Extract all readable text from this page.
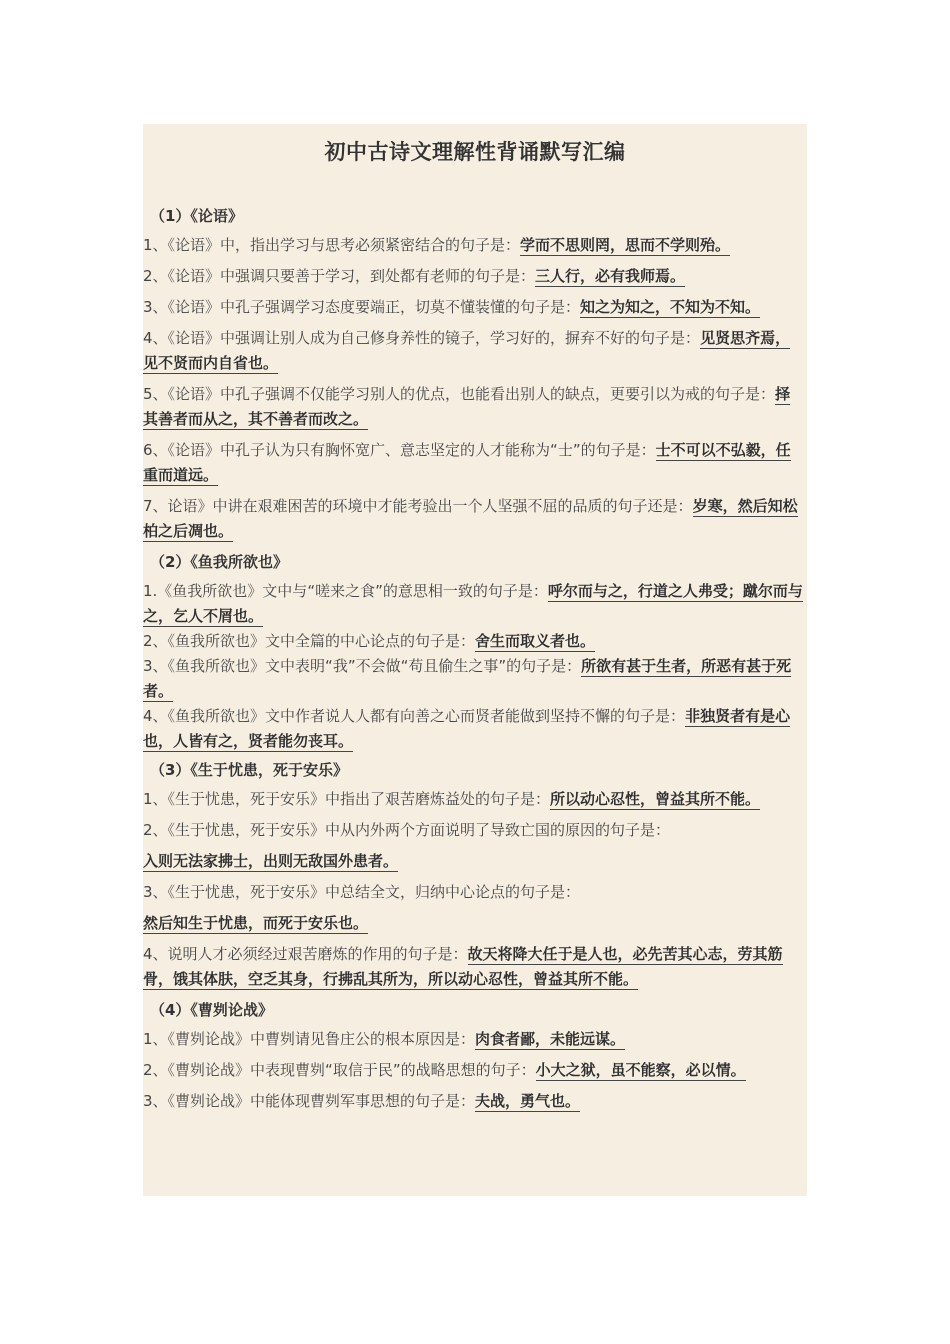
初中古诗文理解性背诵默写汇编
（1）《论语》
1、《论语》中，指出学习与思考必须紧密结合的句子是：学而不思则罔，思而不学则殆。
2、《论语》中强调只要善于学习，到处都有老师的句子是：三人行，必有我师焉。
3、《论语》中孔子强调学习态度要端正，切莫不懂装懂的句子是：知之为知之，不知为不知。
4、《论语》中强调让别人成为自己修身养性的镜子，学习好的，摒弃不好的句子是：见贤思齐焉，见不贤而内自省也。
5、《论语》中孔子强调不仅能学习别人的优点，也能看出别人的缺点，更要引以为戒的句子是：择其善者而从之，其不善者而改之。
6、《论语》中孔子认为只有胸怀宽广、意志坚定的人才能称为“士”的句子是：士不可以不弘毅，任重而道远。
7、论语》中讲在艰难困苦的环境中才能考验出一个人坚强不屈的品质的句子还是：岁寒，然后知松柏之后凋也。
（2）《鱼我所欲也》
1.《鱼我所欲也》文中与“嗟来之食”的意思相一致的句子是：呼尔而与之，行道之人弗受；蹴尔而与之，乞人不屑也。
2、《鱼我所欲也》文中全篇的中心论点的句子是：舍生而取义者也。
3、《鱼我所欲也》文中表明“我”不会做“苟且偷生之事”的句子是：所欲有甚于生者，所恶有甚于死者。
4、《鱼我所欲也》文中作者说人人都有向善之心而贤者能做到坚持不懈的句子是：非独贤者有是心也，人皆有之，贤者能勿丧耳。
（3）《生于忧患，死于安乐》
1、《生于忧患，死于安乐》中指出了艰苦磨炼益处的句子是：所以动心忍性，曾益其所不能。
2、《生于忧患，死于安乐》中从内外两个方面说明了导致亡国的原因的句子是：
入则无法家拂士，出则无敌国外患者。
3、《生于忧患，死于安乐》中总结全文，归纳中心论点的句子是：
然后知生于忧患，而死于安乐也。
4、说明人才必须经过艰苦磨炼的作用的句子是：故天将降大任于是人也，必先苦其心志，劳其筋骨，饿其体肤，空乏其身，行拂乱其所为，所以动心忍性，曾益其所不能。
（4）《曹刿论战》
1、《曹刿论战》中曹刿请见鲁庄公的根本原因是：肉食者鄙，未能远谋。
2、《曹刿论战》中表现曹刿“取信于民”的战略思想的句子：小大之狱，虽不能察，必以情。
3、《曹刿论战》中能体现曹刿军事思想的句子是：夫战，勇气也。
